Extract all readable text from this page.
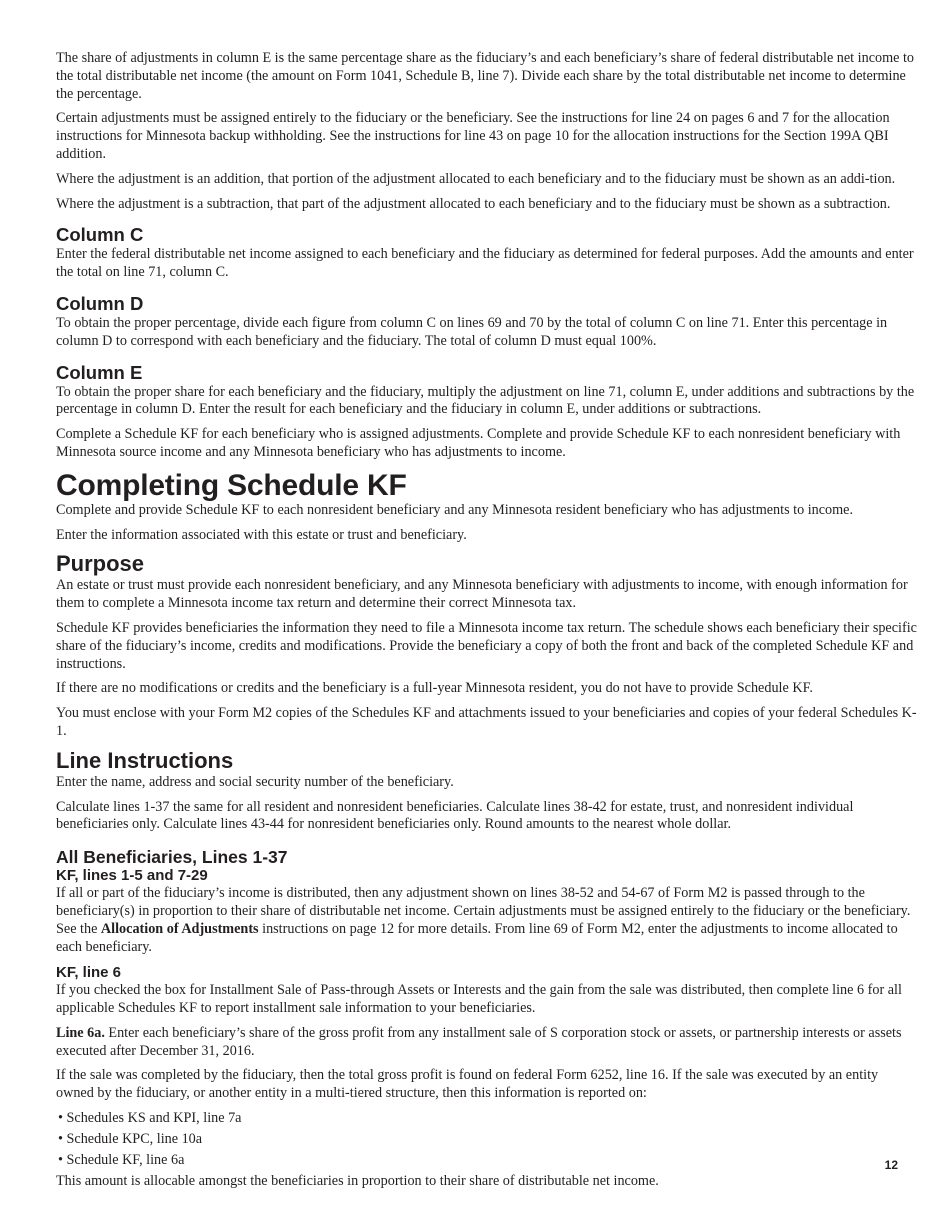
The share of adjustments in column E is the same percentage share as the fiduciary’s and each beneficiary’s share of federal distributable net income to the total distributable net income (the amount on Form 1041, Schedule B, line 7). Divide each share by the total distributable net income to determine the percentage.

Certain adjustments must be assigned entirely to the fiduciary or the beneficiary. See the instructions for line 24 on pages 6 and 7 for the allocation instructions for Minnesota backup withholding. See the instructions for line 43 on page 10 for the allocation instructions for the Section 199A QBI addition.

Where the adjustment is an addition, that portion of the adjustment allocated to each beneficiary and to the fiduciary must be shown as an addi-tion.

Where the adjustment is a subtraction, that part of the adjustment allocated to each beneficiary and to the fiduciary must be shown as a subtraction.

Column C

Enter the federal distributable net income assigned to each beneficiary and the fiduciary as determined for federal purposes. Add the amounts and enter the total on line 71, column C.

Column D

To obtain the proper percentage, divide each figure from column C on lines 69 and 70 by the total of column C on line 71. Enter this percentage in column D to correspond with each beneficiary and the fiduciary. The total of column D must equal 100%.

Column E

To obtain the proper share for each beneficiary and the fiduciary, multiply the adjustment on line 71, column E, under additions and subtractions by the percentage in column D. Enter the result for each beneficiary and the fiduciary in column E, under additions or subtractions.

Complete a Schedule KF for each beneficiary who is assigned adjustments. Complete and provide Schedule KF to each nonresident beneficiary with Minnesota source income and any Minnesota beneficiary who has adjustments to income.

Completing Schedule KF

Complete and provide Schedule KF to each nonresident beneficiary and any Minnesota resident beneficiary who has adjustments to income.

Enter the information associated with this estate or trust and beneficiary.

Purpose

An estate or trust must provide each nonresident beneficiary, and any Minnesota beneficiary with adjustments to income, with enough information for them to complete a Minnesota income tax return and determine their correct Minnesota tax.

Schedule KF provides beneficiaries the information they need to file a Minnesota income tax return. The schedule shows each beneficiary their specific share of the fiduciary’s income, credits and modifications. Provide the beneficiary a copy of both the front and back of the completed Schedule KF and instructions.

If there are no modifications or credits and the beneficiary is a full-year Minnesota resident, you do not have to provide Schedule KF.

You must enclose with your Form M2 copies of the Schedules KF and attachments issued to your beneficiaries and copies of your federal Schedules K-1.

Line Instructions

Enter the name, address and social security number of the beneficiary.

Calculate lines 1-37 the same for all resident and nonresident beneficiaries. Calculate lines 38-42 for estate, trust, and nonresident individual beneficiaries only. Calculate lines 43-44 for nonresident beneficiaries only. Round amounts to the nearest whole dollar.

All Beneficiaries, Lines 1-37
KF, lines 1-5 and 7-29

If all or part of the fiduciary’s income is distributed, then any adjustment shown on lines 38-52 and 54-67 of Form M2 is passed through to the beneficiary(s) in proportion to their share of distributable net income. Certain adjustments must be assigned entirely to the fiduciary or the beneficiary. See the Allocation of Adjustments instructions on page 12 for more details. From line 69 of Form M2, enter the adjustments to income allocated to each beneficiary.

KF, line 6

If you checked the box for Installment Sale of Pass-through Assets or Interests and the gain from the sale was distributed, then complete line 6 for all applicable Schedules KF to report installment sale information to your beneficiaries.

Line 6a. Enter each beneficiary’s share of the gross profit from any installment sale of S corporation stock or assets, or partnership interests or assets executed after December 31, 2016.

If the sale was completed by the fiduciary, then the total gross profit is found on federal Form 6252, line 16. If the sale was executed by an entity owned by the fiduciary, or another entity in a multi-tiered structure, then this information is reported on:

• Schedules KS and KPI, line 7a
• Schedule KPC, line 10a
• Schedule KF, line 6a

This amount is allocable amongst the beneficiaries in proportion to their share of distributable net income.

12
